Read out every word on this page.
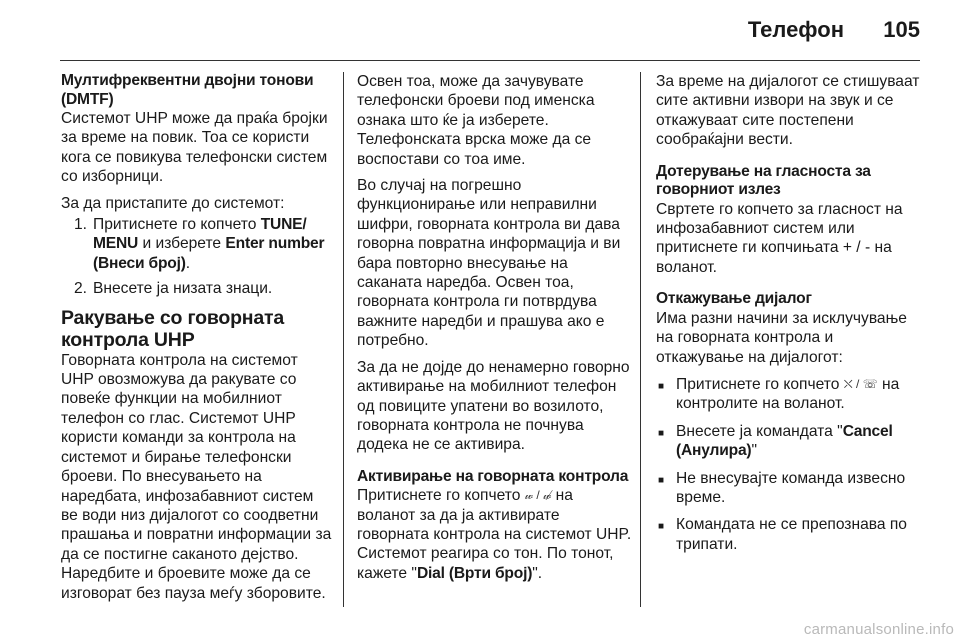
Телефон 105
Мултифреквентни двојни тонови (DMTF)

Системот UHP може да праќа бројки за време на повик. Тоа се користи кога се повикува телефонски систем со изборници.

За да пристапите до системот:

1. Притиснете го копчето TUNE/ MENU и изберете Enter number (Внеси број).
2. Внесете ја низата знаци.
Ракување со говорната контрола UHP

Говорната контрола на системот UHP овозможува да ракувате со повеќе функции на мобилниот телефон со глас. Системот UHP користи команди за контрола на системот и бирање телефонски броеви. По внесувањето на наредбата, инфозабавниот систем ве води низ дијалогот со соодветни прашања и повратни информации за да се постигне саканото дејство. Наредбите и броевите може да се изговорат без пауза меѓу зборовите.

Освен тоа, може да зачувувате телефонски броеви под именска ознака што ќе ја изберете. Телефонската врска може да се воспостави со тоа име.

Во случај на погрешно функционирање или неправилни шифри, говорната контрола ви дава говорна повратна информација и ви бара повторно внесување на саканата наредба. Освен тоа, говорната контрола ги потврдува важните наредби и прашува ако е потребно.

За да не дојде до ненамерно говорно активирање на мобилниот телефон од повиците упатени во возилото, говорната контрола не почнува додека не се активира.

Активирање на говорната контрола

Притиснете го копчето 𝓌 / 𝓌̸ на воланот за да ја активирате говорната контрола на системот UHP. Системот реагира со тон. По тонот, кажете "Dial (Врти број)".

За време на дијалогот се стишуваат сите активни извори на звук и се откажуваат сите постепени сообраќајни вести.

Дотерување на гласноста за говорниот излез

Свртете го копчето за гласност на инфозабавниот систем или притиснете ги копчињата + / - на воланот.

Откажување дијалог

Има разни начини за исклучување на говорната контрола и откажување на дијалогот:

■ Притиснете го копчето ⛌ / ☏ на контролите на воланот.
■ Внесете ја командата "Cancel (Анулира)"
■ Не внесувајте команда извесно време.
■ Командата не се препознава по трипати.
carmanualsonline.info
